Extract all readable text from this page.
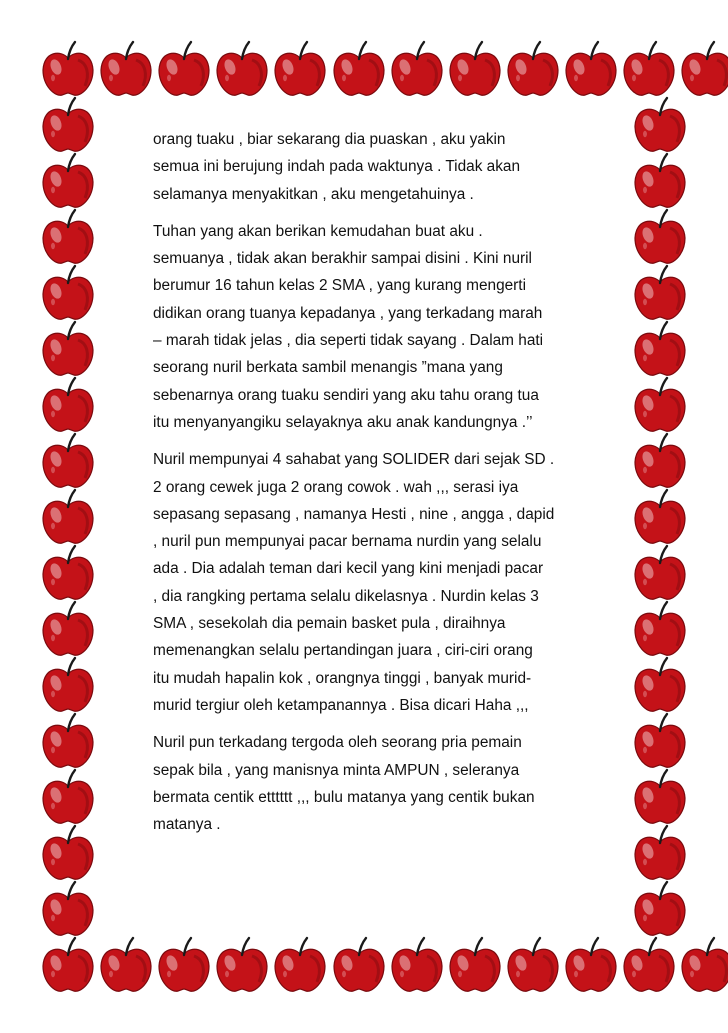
orang tuaku , biar sekarang dia puaskan , aku yakin
semua ini berujung indah pada waktunya . Tidak akan
selamanya menyakitkan , aku mengetahuinya .

Tuhan yang akan berikan kemudahan buat aku .
semuanya , tidak akan berakhir sampai disini . Kini nuril
berumur 16 tahun kelas 2 SMA , yang kurang mengerti
didikan orang tuanya kepadanya , yang terkadang marah
– marah tidak jelas , dia seperti tidak sayang . Dalam hati
seorang nuril berkata sambil menangis ”mana yang
sebenarnya orang tuaku sendiri yang aku tahu orang tua
itu menyanyangiku selayaknya aku anak kandungnya .’’

Nuril mempunyai 4 sahabat yang SOLIDER dari sejak SD .
2 orang cewek juga 2 orang cowok . wah ,,, serasi iya
sepasang sepasang , namanya Hesti , nine , angga , dapid
, nuril pun mempunyai pacar bernama nurdin yang selalu
ada . Dia adalah teman dari kecil yang kini menjadi pacar
, dia rangking pertama selalu dikelasnya . Nurdin kelas 3
SMA , sesekolah dia pemain basket pula , diraihnya
memenangkan selalu pertandingan juara , ciri-ciri orang
itu mudah hapalin kok , orangnya tinggi , banyak murid-
murid tergiur oleh ketampanannya . Bisa dicari Haha ,,,

Nuril pun terkadang tergoda oleh seorang pria pemain
sepak bila , yang manisnya minta AMPUN , seleranya
bermata centik etttttt ,,, bulu matanya yang centik bukan
matanya .
